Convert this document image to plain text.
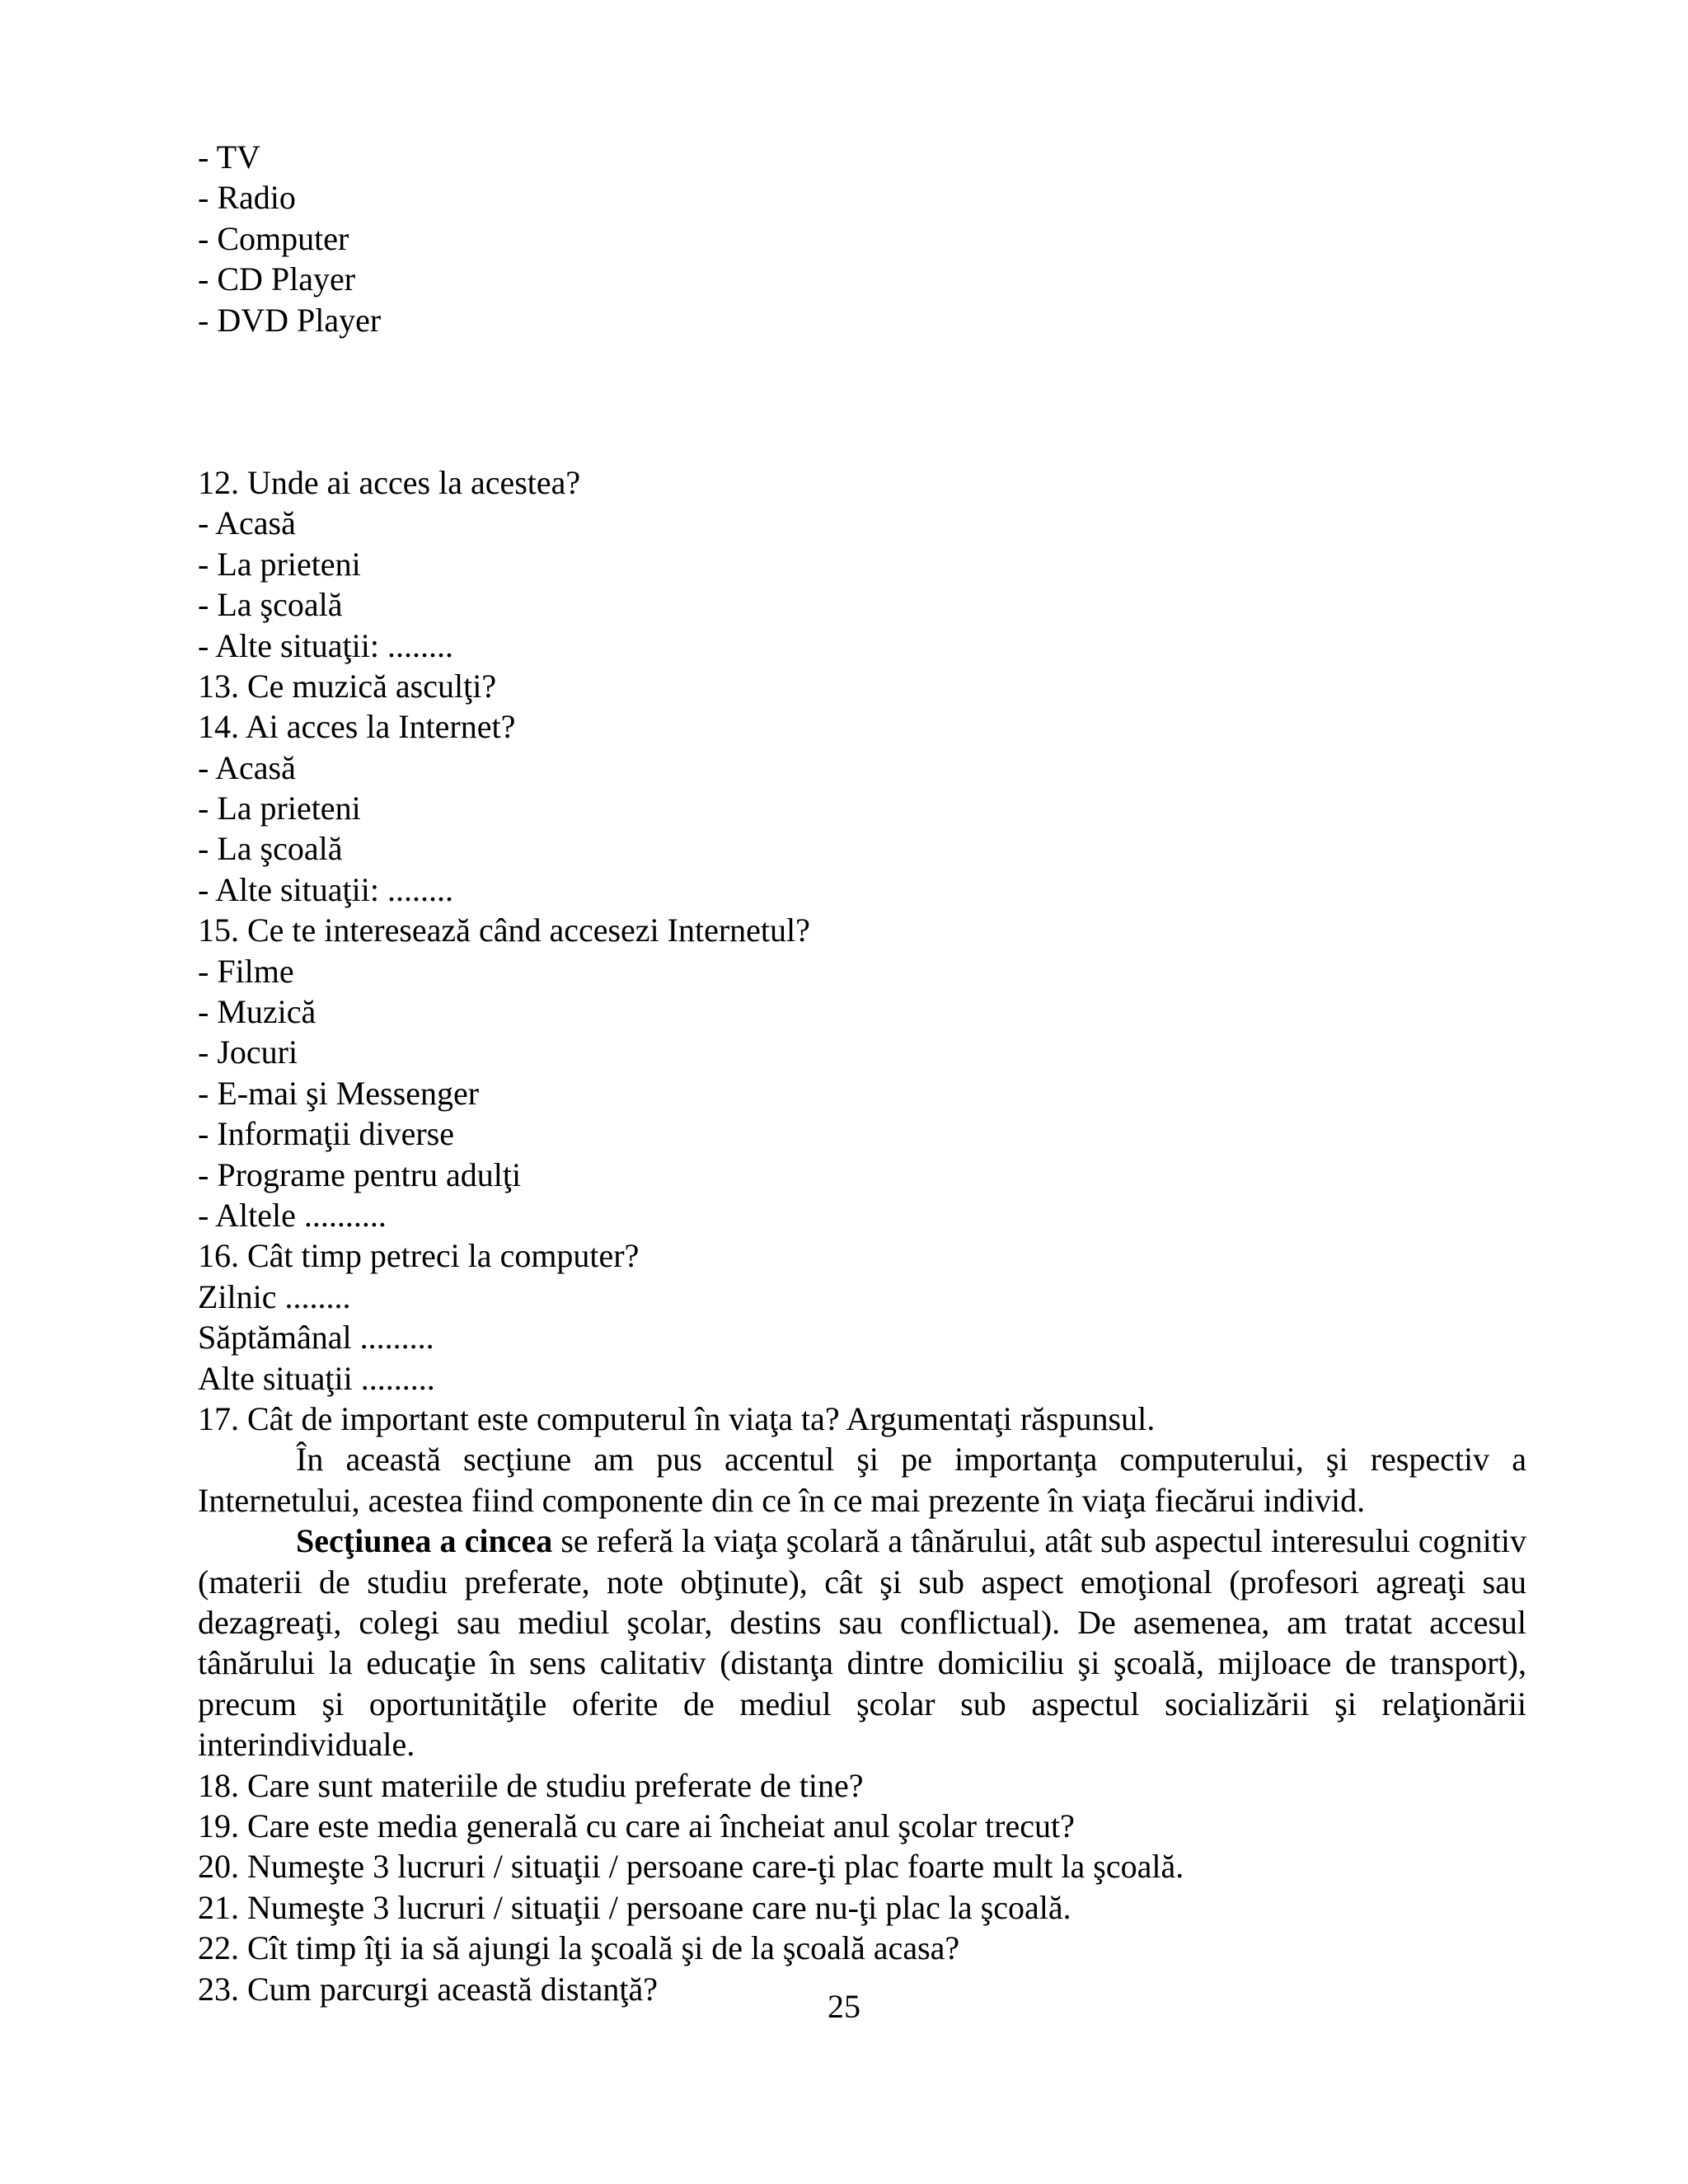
- TV

- Radio

- Computer

- CD Player

- DVD Player

12. Unde ai acces la acestea?

- Acasă

- La prieteni

- La şcoală

- Alte situaţii: ........

13. Ce muzică asculţi?

14. Ai acces la Internet?

- Acasă

- La prieteni

- La şcoală

- Alte situaţii: ........

15. Ce te interesează când accesezi Internetul?

- Filme

- Muzică

- Jocuri

- E-mai şi Messenger

- Informaţii diverse

- Programe pentru adulţi

- Altele ..........

16. Cât timp petreci la computer?

Zilnic ........

Săptămânal .........

Alte situaţii .........

17. Cât de important este computerul în viaţa ta? Argumentaţi răspunsul.

În această secţiune am pus accentul şi pe importanţa computerului, şi respectiv a Internetului, acestea fiind componente din ce în ce mai prezente în viaţa fiecărui individ.

Secţiunea a cincea se referă la viaţa şcolară a tânărului, atât sub aspectul interesului cognitiv (materii de studiu preferate, note obţinute), cât şi sub aspect emoţional (profesori agreaţi sau dezagreaţi, colegi sau mediul şcolar, destins sau conflictual). De asemenea, am tratat accesul tânărului la educaţie în sens calitativ (distanţa dintre domiciliu şi şcoală, mijloace de transport), precum şi oportunităţile oferite de mediul şcolar sub aspectul socializării şi relaţionării interindividuale.

18. Care sunt materiile de studiu preferate de tine?

19. Care este media generală cu care ai încheiat anul şcolar trecut?

20. Numeşte 3 lucruri / situaţii / persoane care-ţi plac foarte mult la şcoală.

21. Numeşte 3 lucruri / situaţii / persoane care nu-ţi plac la şcoală.

22. Cît timp îţi ia să ajungi la şcoală şi de la şcoală acasa?

23. Cum parcurgi această distanţă?	25
